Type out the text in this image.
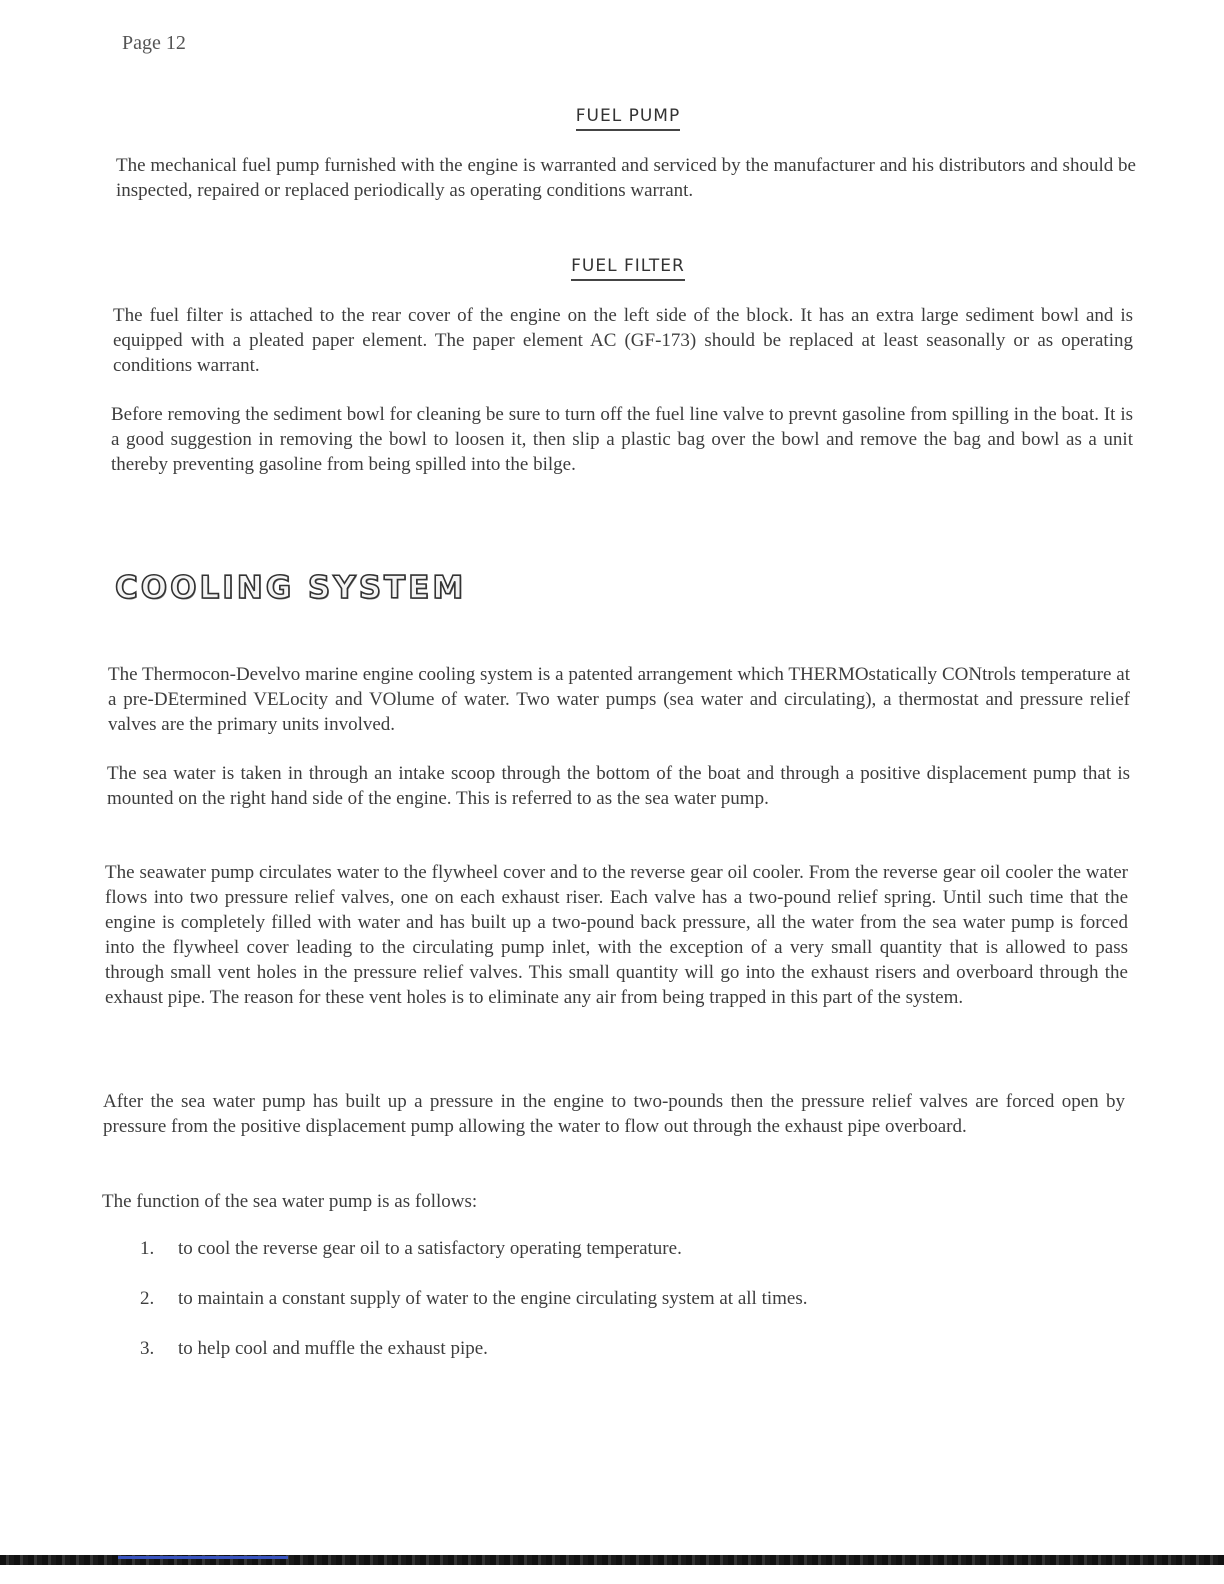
Page 12
FUEL PUMP
The mechanical fuel pump furnished with the engine is warranted and serviced by the manufacturer and his distributors and should be inspected, repaired or replaced periodically as operating conditions warrant.
FUEL FILTER
The fuel filter is attached to the rear cover of the engine on the left side of the block. It has an extra large sediment bowl and is equipped with a pleated paper element. The paper element AC (GF-173) should be replaced at least seasonally or as operating conditions warrant.
Before removing the sediment bowl for cleaning be sure to turn off the fuel line valve to prevnt gasoline from spilling in the boat. It is a good suggestion in removing the bowl to loosen it, then slip a plastic bag over the bowl and remove the bag and bowl as a unit thereby preventing gasoline from being spilled into the bilge.
COOLING SYSTEM
The Thermocon-Develvo marine engine cooling system is a patented arrangement which THERMOstatically CONtrols temperature at a pre-DEtermined VELocity and VOlume of water. Two water pumps (sea water and circulating), a thermostat and pressure relief valves are the primary units involved.
The sea water is taken in through an intake scoop through the bottom of the boat and through a positive displacement pump that is mounted on the right hand side of the engine. This is referred to as the sea water pump.
The seawater pump circulates water to the flywheel cover and to the reverse gear oil cooler. From the reverse gear oil cooler the water flows into two pressure relief valves, one on each exhaust riser. Each valve has a two-pound relief spring. Until such time that the engine is completely filled with water and has built up a two-pound back pressure, all the water from the sea water pump is forced into the flywheel cover leading to the circulating pump inlet, with the exception of a very small quantity that is allowed to pass through small vent holes in the pressure relief valves. This small quantity will go into the exhaust risers and overboard through the exhaust pipe. The reason for these vent holes is to eliminate any air from being trapped in this part of the system.
After the sea water pump has built up a pressure in the engine to two-pounds then the pressure relief valves are forced open by pressure from the positive displacement pump allowing the water to flow out through the exhaust pipe overboard.
The function of the sea water pump is as follows:
1.	to cool the reverse gear oil to a satisfactory operating temperature.
2.	to maintain a constant supply of water to the engine circulating system at all times.
3.	to help cool and muffle the exhaust pipe.
